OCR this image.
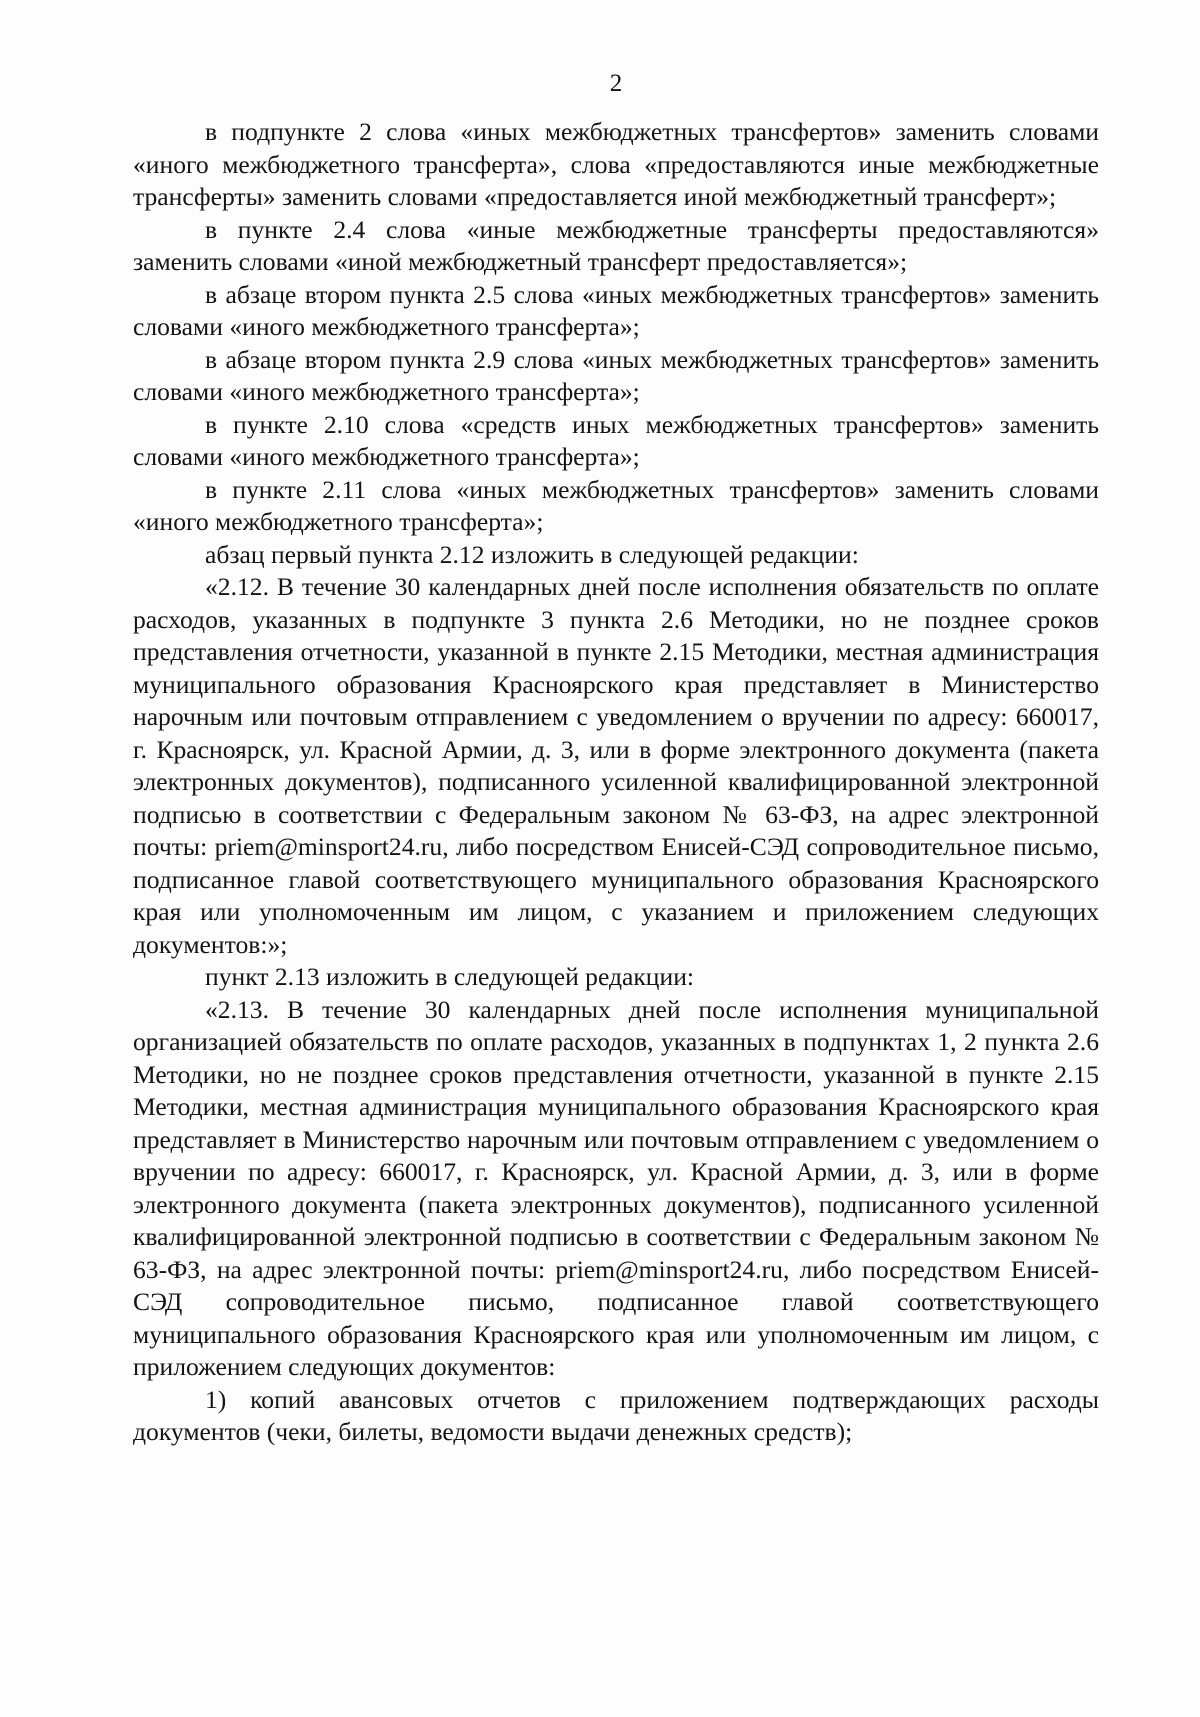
2

в подпункте 2 слова «иных межбюджетных трансфертов» заменить словами «иного межбюджетного трансферта», слова «предоставляются иные межбюджетные трансферты» заменить словами «предоставляется иной межбюджетный трансферт»;

в пункте 2.4 слова «иные межбюджетные трансферты предоставляются» заменить словами «иной межбюджетный трансферт предоставляется»;

в абзаце втором пункта 2.5 слова «иных межбюджетных трансфертов» заменить словами «иного межбюджетного трансферта»;

в абзаце втором пункта 2.9 слова «иных межбюджетных трансфертов» заменить словами «иного межбюджетного трансферта»;

в пункте 2.10 слова «средств иных межбюджетных трансфертов» заменить словами «иного межбюджетного трансферта»;

в пункте 2.11 слова «иных межбюджетных трансфертов» заменить словами «иного межбюджетного трансферта»;

абзац первый пункта 2.12 изложить в следующей редакции:

«2.12. В течение 30 календарных дней после исполнения обязательств по оплате расходов, указанных в подпункте 3 пункта 2.6 Методики, но не позднее сроков представления отчетности, указанной в пункте 2.15 Методики, местная администрация муниципального образования Красноярского края представляет в Министерство нарочным или почтовым отправлением с уведомлением о вручении по адресу: 660017, г. Красноярск, ул. Красной Армии, д. 3, или в форме электронного документа (пакета электронных документов), подписанного усиленной квалифицированной электронной подписью в соответствии с Федеральным законом № 63-ФЗ, на адрес электронной почты: priem@minsport24.ru, либо посредством Енисей-СЭД сопроводительное письмо, подписанное главой соответствующего муниципального образования Красноярского края или уполномоченным им лицом, с указанием и приложением следующих документов:»;

пункт 2.13 изложить в следующей редакции:

«2.13. В течение 30 календарных дней после исполнения муниципальной организацией обязательств по оплате расходов, указанных в подпунктах 1, 2 пункта 2.6 Методики, но не позднее сроков представления отчетности, указанной в пункте 2.15 Методики, местная администрация муниципального образования Красноярского края представляет в Министерство нарочным или почтовым отправлением с уведомлением о вручении по адресу: 660017, г. Красноярск, ул. Красной Армии, д. 3, или в форме электронного документа (пакета электронных документов), подписанного усиленной квалифицированной электронной подписью в соответствии с Федеральным законом № 63-ФЗ, на адрес электронной почты: priem@minsport24.ru, либо посредством Енисей-СЭД сопроводительное письмо, подписанное главой соответствующего муниципального образования Красноярского края или уполномоченным им лицом, с приложением следующих документов:

1) копий авансовых отчетов с приложением подтверждающих расходы документов (чеки, билеты, ведомости выдачи денежных средств);
